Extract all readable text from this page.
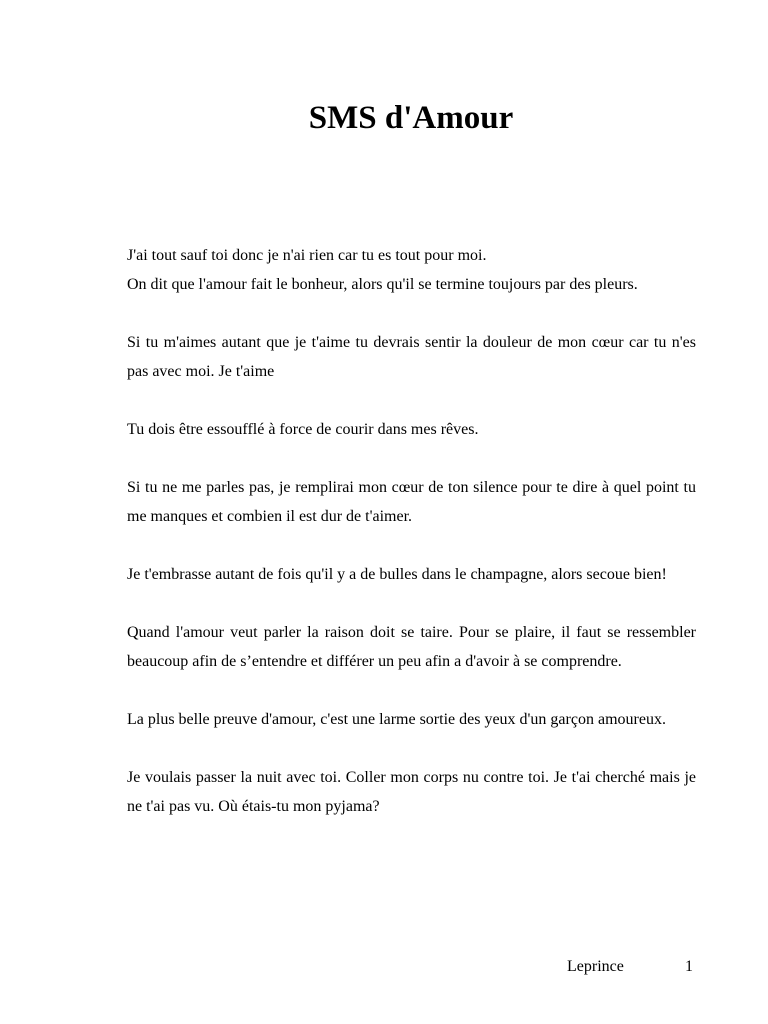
SMS d'Amour

J'ai tout sauf toi donc je n'ai rien car tu es tout pour moi.
On dit que l'amour fait le bonheur, alors qu'il se termine toujours par des pleurs.

Si tu m'aimes autant que je t'aime tu devrais sentir la douleur de mon cœur car tu n'es pas avec moi. Je t'aime

Tu dois être essoufflé à force de courir dans mes rêves.

Si tu ne me parles pas, je remplirai mon cœur de ton silence pour te dire à quel point tu me manques et combien il est dur de t'aimer.

Je t'embrasse autant de fois qu'il y a de bulles dans le champagne, alors secoue bien!

Quand l'amour veut parler la raison doit se taire. Pour se plaire, il faut se ressembler beaucoup afin de s’entendre et différer un peu afin a d'avoir à se comprendre.

La plus belle preuve d'amour, c'est une larme sortie des yeux d'un garçon amoureux.

Je voulais passer la nuit avec toi. Coller mon corps nu contre toi. Je t'ai cherché mais je ne t'ai pas vu. Où étais-tu mon pyjama?

Leprince	1
